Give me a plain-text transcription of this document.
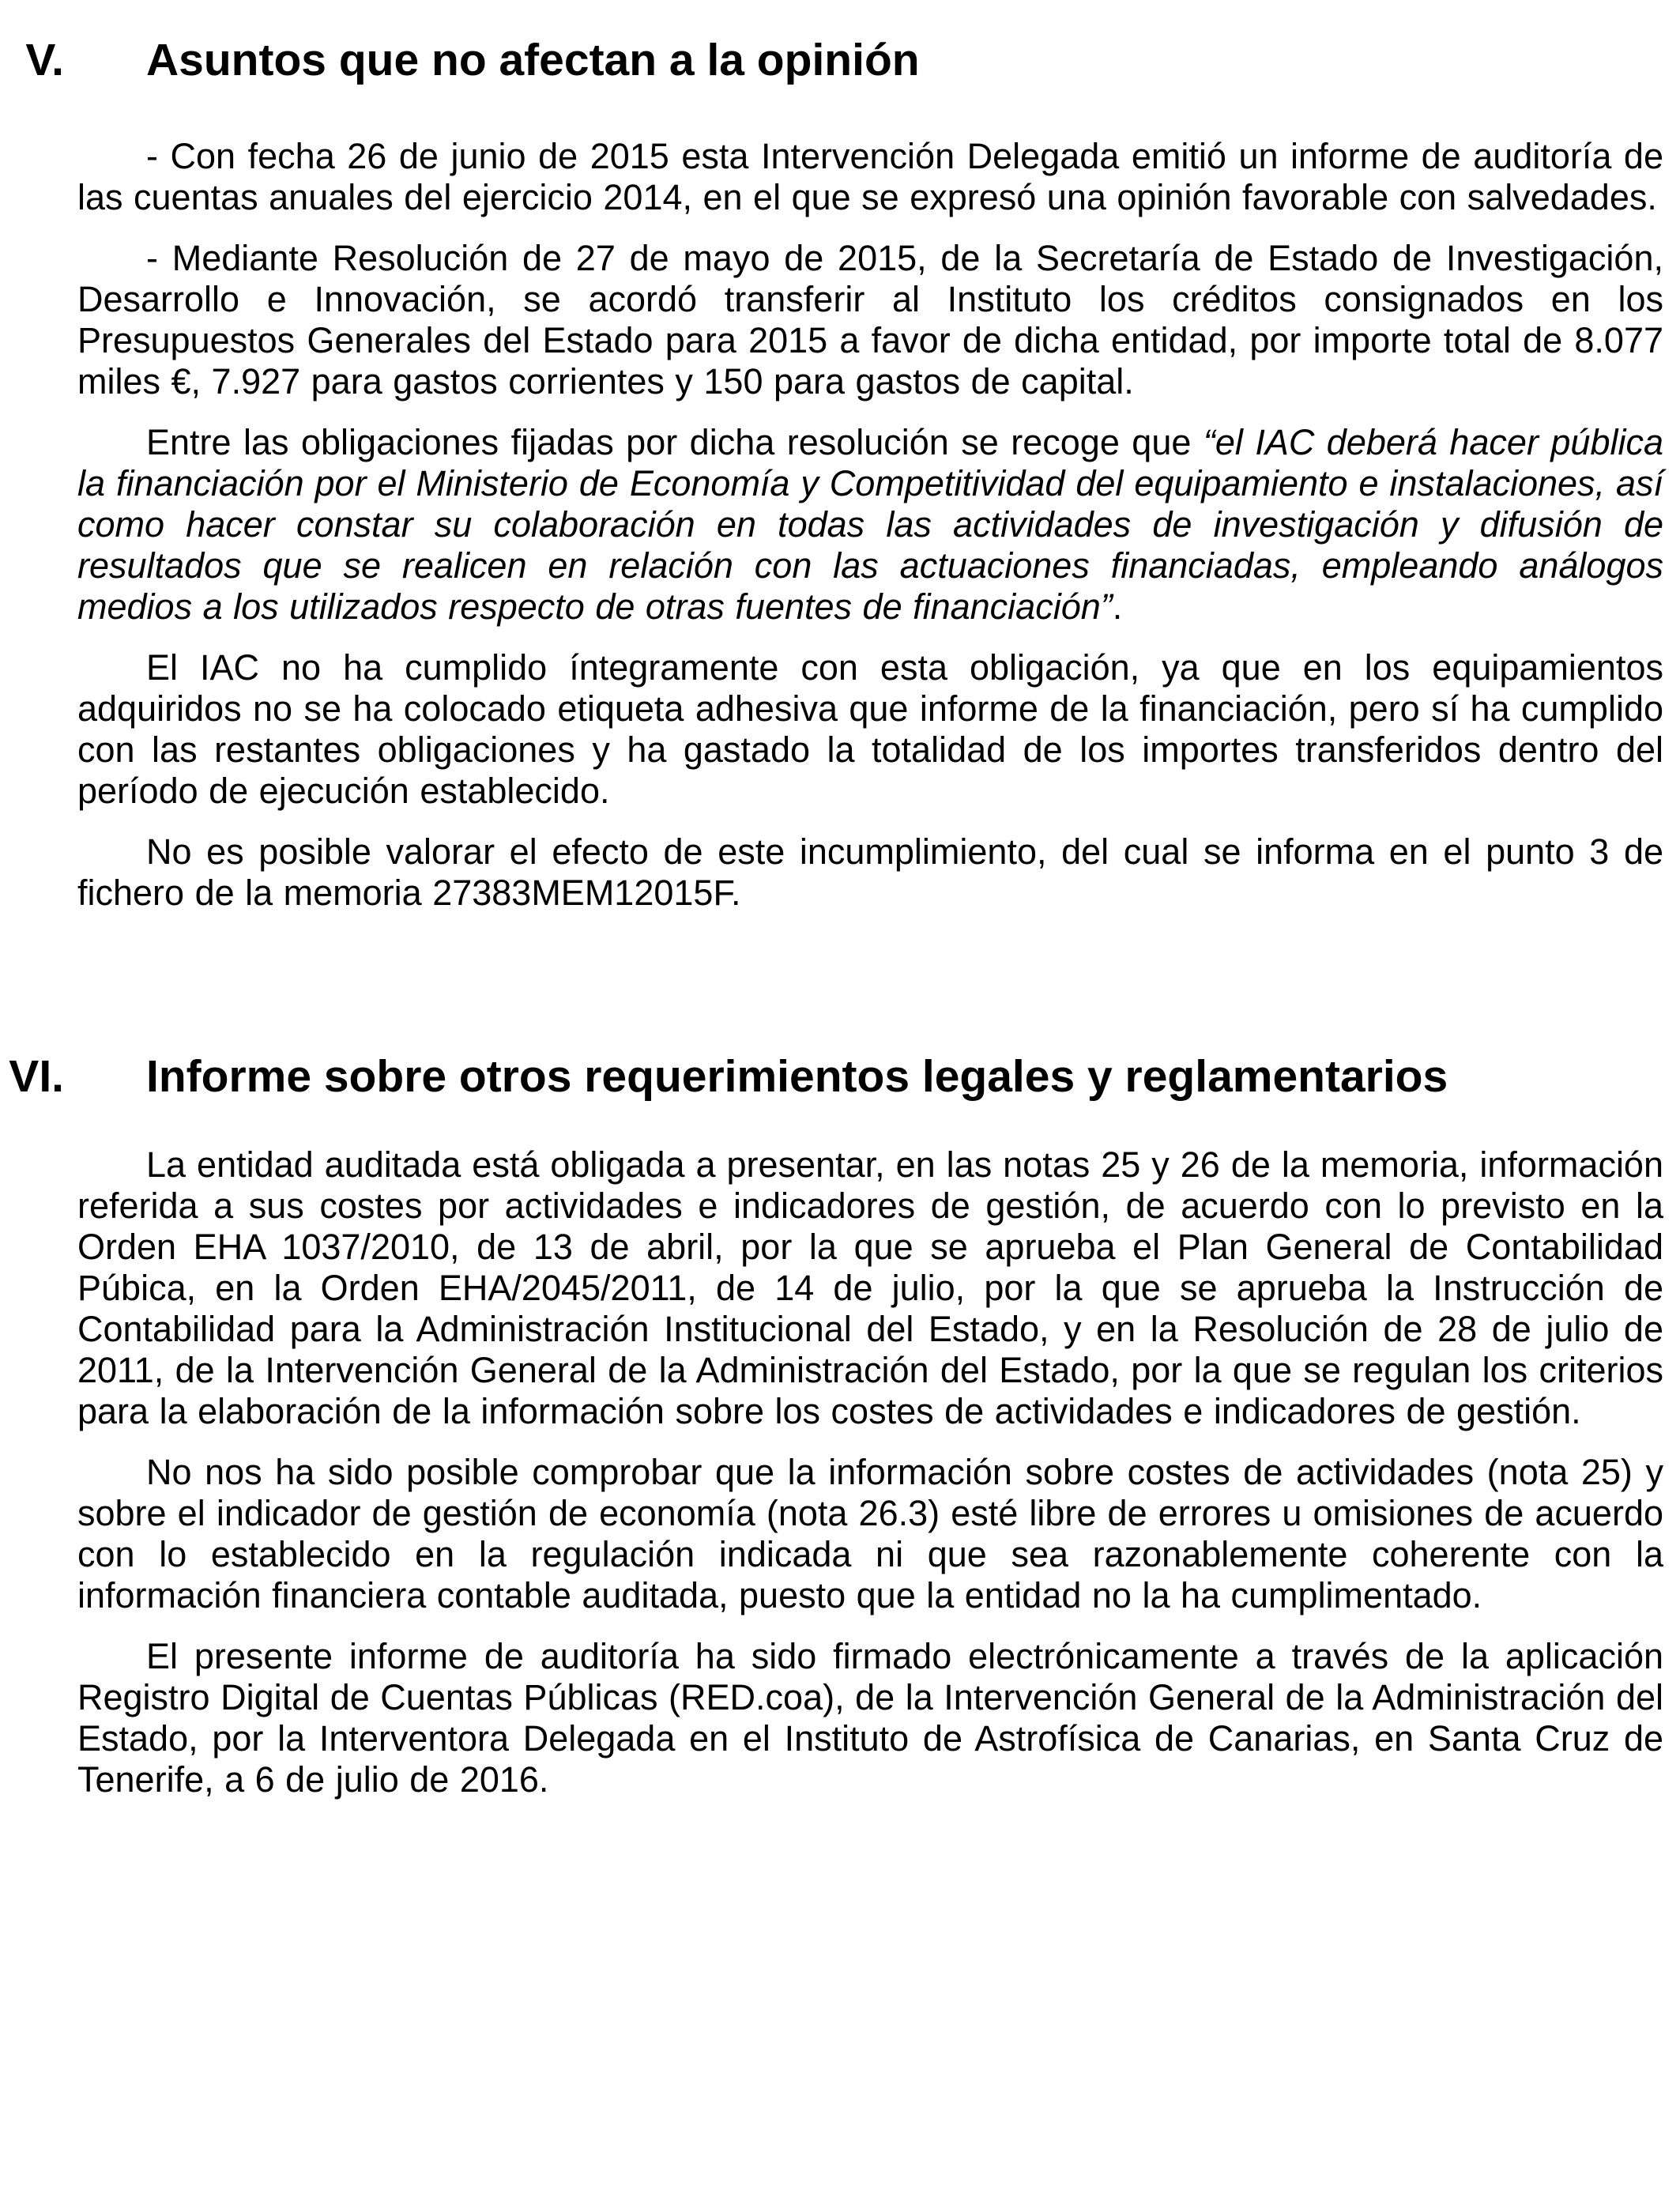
V. Asuntos que no afectan a la opinión

- Con fecha 26 de junio de 2015 esta Intervención Delegada emitió un informe de auditoría de las cuentas anuales del ejercicio 2014, en el que se expresó una opinión favorable con salvedades.

- Mediante Resolución de 27 de mayo de 2015, de la Secretaría de Estado de Investigación, Desarrollo e Innovación, se acordó transferir al Instituto los créditos consignados en los Presupuestos Generales del Estado para 2015 a favor de dicha entidad, por importe total de 8.077 miles €, 7.927 para gastos corrientes y 150 para gastos de capital.

Entre las obligaciones fijadas por dicha resolución se recoge que “el IAC deberá hacer pública la financiación por el Ministerio de Economía y Competitividad del equipamiento e instalaciones, así como hacer constar su colaboración en todas las actividades de investigación y difusión de resultados que se realicen en relación con las actuaciones financiadas, empleando análogos medios a los utilizados respecto de otras fuentes de financiación”.

El IAC no ha cumplido íntegramente con esta obligación, ya que en los equipamientos adquiridos no se ha colocado etiqueta adhesiva que informe de la financiación, pero sí ha cumplido con las restantes obligaciones y ha gastado la totalidad de los importes transferidos dentro del período de ejecución establecido.

No es posible valorar el efecto de este incumplimiento, del cual se informa en el punto 3 de fichero de la memoria 27383MEM12015F.

VI. Informe sobre otros requerimientos legales y reglamentarios

La entidad auditada está obligada a presentar, en las notas 25 y 26 de la memoria, información referida a sus costes por actividades e indicadores de gestión, de acuerdo con lo previsto en la Orden EHA 1037/2010, de 13 de abril, por la que se aprueba el Plan General de Contabilidad Púbica, en la Orden EHA/2045/2011, de 14 de julio, por la que se aprueba la Instrucción de Contabilidad para la Administración Institucional del Estado, y en la Resolución de 28 de julio de 2011, de la Intervención General de la Administración del Estado, por la que se regulan los criterios para la elaboración de la información sobre los costes de actividades e indicadores de gestión.

No nos ha sido posible comprobar que la información sobre costes de actividades (nota 25) y sobre el indicador de gestión de economía (nota 26.3) esté libre de errores u omisiones de acuerdo con lo establecido en la regulación indicada ni que sea razonablemente coherente con la información financiera contable auditada, puesto que la entidad no la ha cumplimentado.

El presente informe de auditoría ha sido firmado electrónicamente a través de la aplicación Registro Digital de Cuentas Públicas (RED.coa), de la Intervención General de la Administración del Estado, por la Interventora Delegada en el Instituto de Astrofísica de Canarias, en Santa Cruz de Tenerife, a 6 de julio de 2016.
